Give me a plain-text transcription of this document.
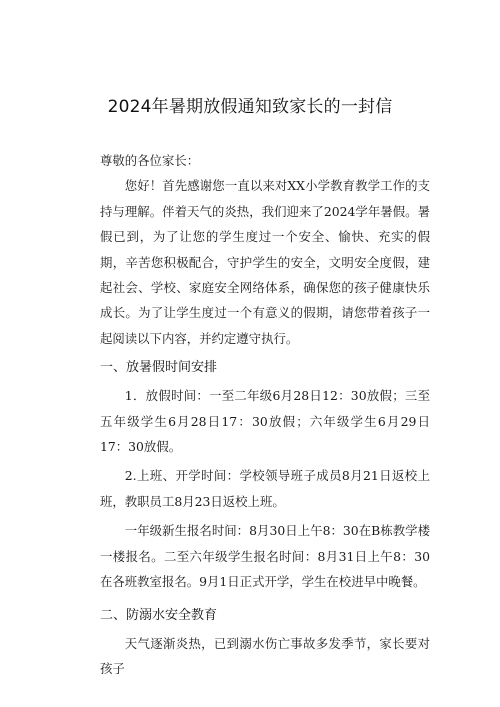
2024年暑期放假通知致家长的一封信

尊敬的各位家长：

您好！首先感谢您一直以来对XX小学教育教学工作的支持与理解。伴着天气的炎热，我们迎来了2024学年暑假。暑假已到，为了让您的学生度过一个安全、愉快、充实的假期，辛苦您积极配合，守护学生的安全，文明安全度假，建起社会、学校、家庭安全网络体系，确保您的孩子健康快乐成长。为了让学生度过一个有意义的假期，请您带着孩子一起阅读以下内容，并约定遵守执行。

一、放暑假时间安排

1．放假时间：一至二年级6月28日12：30放假；三至五年级学生6月28日17：30放假；六年级学生6月29日17：30放假。

2.上班、开学时间：学校领导班子成员8月21日返校上班，教职员工8月23日返校上班。

一年级新生报名时间：8月30日上午8：30在B栋教学楼一楼报名。二至六年级学生报名时间：8月31日上午8：30在各班教室报名。9月1日正式开学，学生在校进早中晚餐。

二、防溺水安全教育

天气逐渐炎热，已到溺水伤亡事故多发季节，家长要对孩子
